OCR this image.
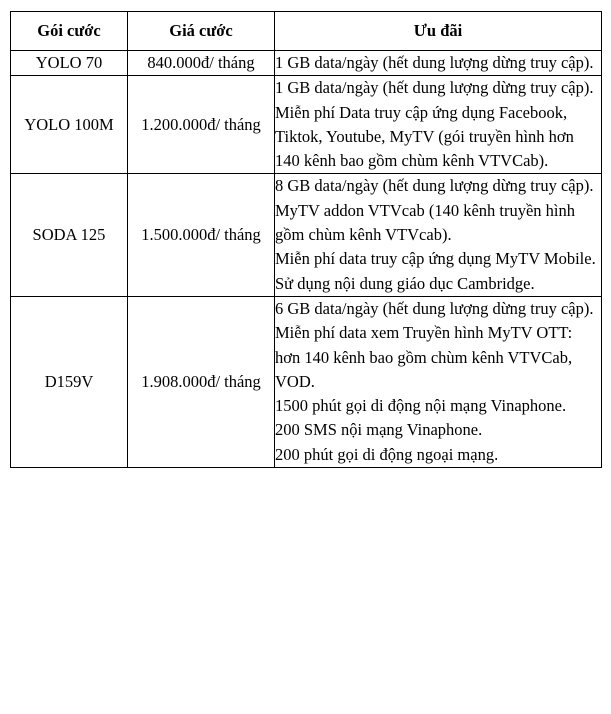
Gói cước	Giá cước	Ưu đãi
YOLO 70	840.000đ/ tháng	1 GB data/ngày (hết dung lượng dừng truy cập).

YOLO 100M	1.200.000đ/ tháng	1 GB data/ngày (hết dung lượng dừng truy cập).
Miễn phí Data truy cập ứng dụng Facebook, Tiktok, Youtube, MyTV (gói truyền hình hơn 140 kênh bao gồm chùm kênh VTVCab).

SODA 125	1.500.000đ/ tháng	8 GB data/ngày (hết dung lượng dừng truy cập).
MyTV addon VTVcab (140 kênh truyền hình gồm chùm kênh VTVcab).
Miễn phí data truy cập ứng dụng MyTV Mobile.
Sử dụng nội dung giáo dục Cambridge.

D159V	1.908.000đ/ tháng	6 GB data/ngày (hết dung lượng dừng truy cập).
Miễn phí data xem Truyền hình MyTV OTT: hơn 140 kênh bao gồm chùm kênh VTVCab, VOD.
1500 phút gọi di động nội mạng Vinaphone.
200 SMS nội mạng Vinaphone.
200 phút gọi di động ngoại mạng.
